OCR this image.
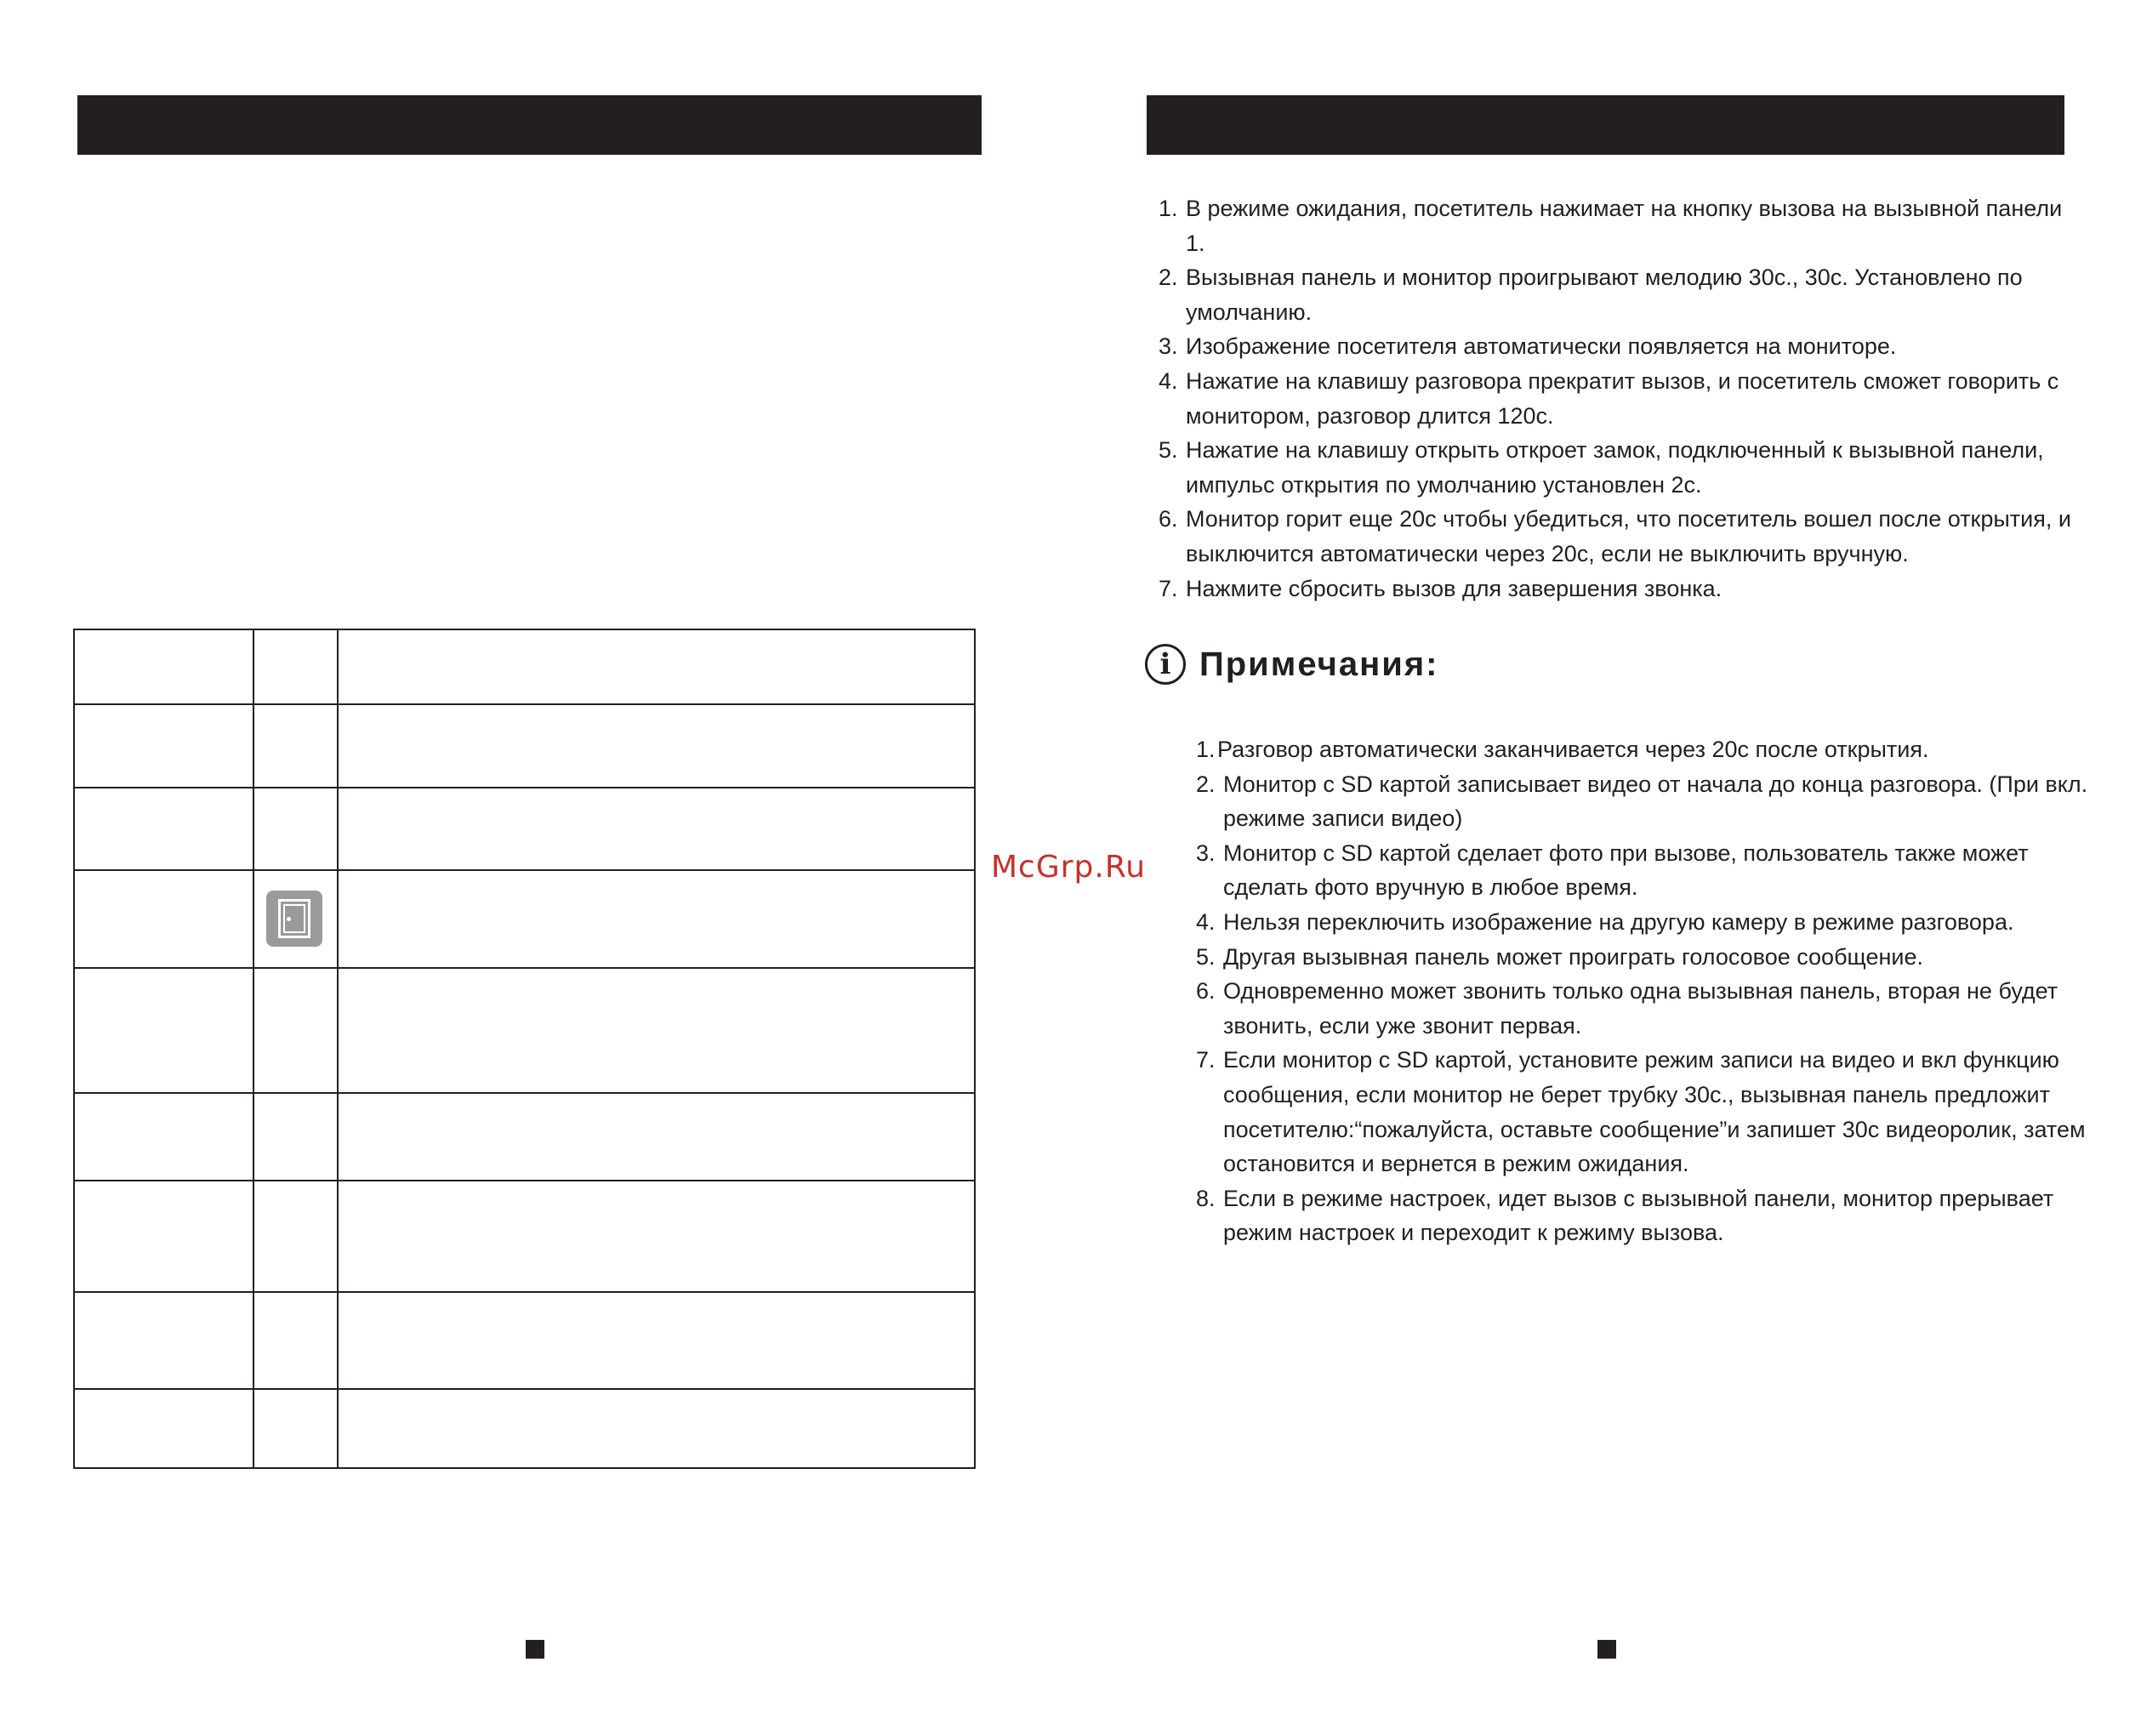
1. В режиме ожидания, посетитель нажимает на кнопку вызова на вызывной панели 1.
2. Вызывная панель и монитор проигрывают мелодию 30с., 30с. Установлено по умолчанию.
3. Изображение посетителя автоматически появляется на мониторе.
4. Нажатие на клавишу разговора прекратит вызов, и посетитель сможет говорить с монитором, разговор длится 120с.
5. Нажатие на клавишу открыть откроет замок, подключенный к вызывной панели, импульс открытия по умолчанию установлен 2с.
6. Монитор горит еще 20с чтобы убедиться, что посетитель вошел после открытия, и выключится автоматически через 20с, если не выключить вручную.
7. Нажмите сбросить вызов для завершения звонка.
i Примечания:
1. Разговор автоматически заканчивается через 20с после открытия.
2. Монитор с SD картой записывает видео от начала до конца разговора. (При вкл. режиме записи видео)
3. Монитор с SD картой сделает фото при вызове, пользователь также может сделать фото вручную в любое время.
4. Нельзя переключить изображение на другую камеру в режиме разговора.
5. Другая вызывная панель может проиграть голосовое сообщение.
6. Одновременно может звонить только одна вызывная панель, вторая не будет звонить, если уже звонит первая.
7. Если монитор с SD картой, установите режим записи на видео и вкл функцию сообщения, если монитор не берет трубку 30с., вызывная панель предложит посетителю:“пожалуйста, оставьте сообщение”и запишет 30с видеоролик, затем остановится и вернется в режим ожидания.
8. Если в режиме настроек, идет вызов с вызывной панели, монитор прерывает режим настроек и переходит к режиму вызова.
McGrp.Ru
